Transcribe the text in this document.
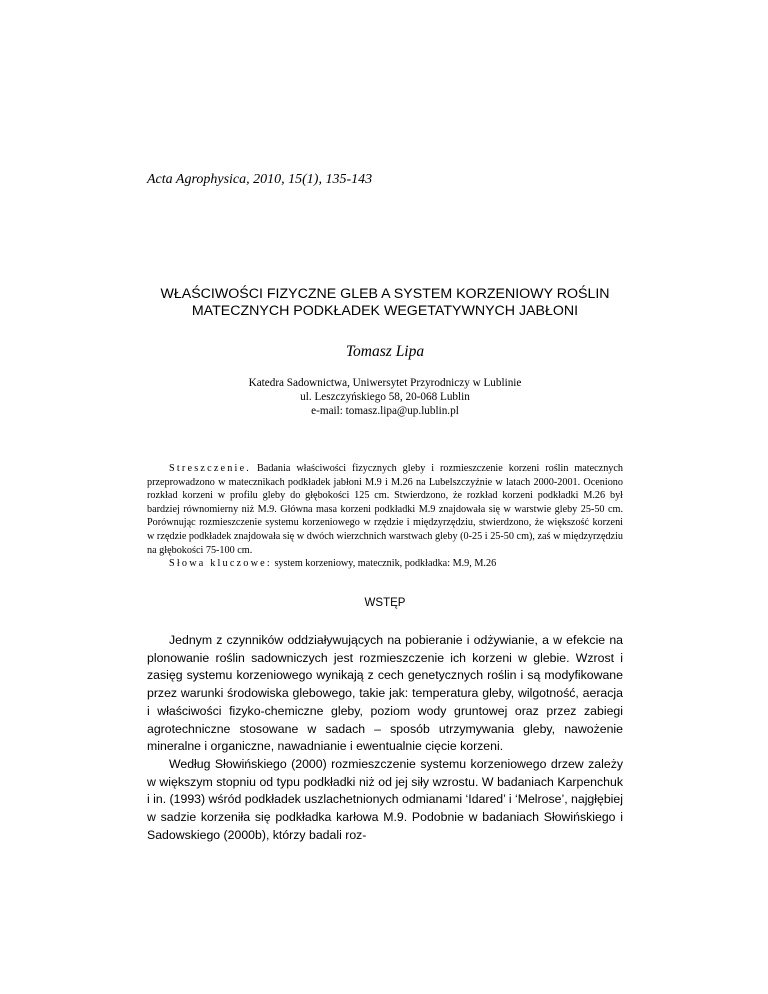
Acta Agrophysica, 2010, 15(1), 135-143
WŁAŚCIWOŚCI FIZYCZNE GLEB A SYSTEM KORZENIOWY ROŚLIN MATECZNYCH PODKŁADEK WEGETATYWNYCH JABŁONI
Tomasz Lipa
Katedra Sadownictwa, Uniwersytet Przyrodniczy w Lublinie
ul. Leszczyńskiego 58, 20-068 Lublin
e-mail: tomasz.lipa@up.lublin.pl

Streszczenie. Badania właściwości fizycznych gleby i rozmieszczenie korzeni roślin matecznych przeprowadzono w matecznikach podkładek jabłoni M.9 i M.26 na Lubelszczyźnie w latach 2000-2001. Oceniono rozkład korzeni w profilu gleby do głębokości 125 cm. Stwierdzono, że rozkład korzeni podkładki M.26 był bardziej równomierny niż M.9. Główna masa korzeni podkładki M.9 znajdowała się w warstwie gleby 25-50 cm. Porównując rozmieszczenie systemu korzeniowego w rzędzie i międzyrzędziu, stwierdzono, że większość korzeni w rzędzie podkładek znajdowała się w dwóch wierzchnich warstwach gleby (0-25 i 25-50 cm), zaś w międzyrzędziu na głębokości 75-100 cm.

Słowa kluczowe: system korzeniowy, matecznik, podkładka: M.9, M.26

WSTĘP

Jednym z czynników oddziaływujących na pobieranie i odżywianie, a w efekcie na plonowanie roślin sadowniczych jest rozmieszczenie ich korzeni w glebie. Wzrost i zasięg systemu korzeniowego wynikają z cech genetycznych roślin i są modyfikowane przez warunki środowiska glebowego, takie jak: temperatura gleby, wilgotność, aeracja i właściwości fizyko-chemiczne gleby, poziom wody gruntowej oraz przez zabiegi agrotechniczne stosowane w sadach – sposób utrzymywania gleby, nawożenie mineralne i organiczne, nawadnianie i ewentualnie cięcie korzeni.

Według Słowińskiego (2000) rozmieszczenie systemu korzeniowego drzew zależy w większym stopniu od typu podkładki niż od jej siły wzrostu. W badaniach Karpenchuk i in. (1993) wśród podkładek uszlachetnionych odmianami ‘Idared’ i ‘Melrose’, najgłębiej w sadzie korzeniła się podkładka karłowa M.9. Podobnie w badaniach Słowińskiego i Sadowskiego (2000b), którzy badali roz-
